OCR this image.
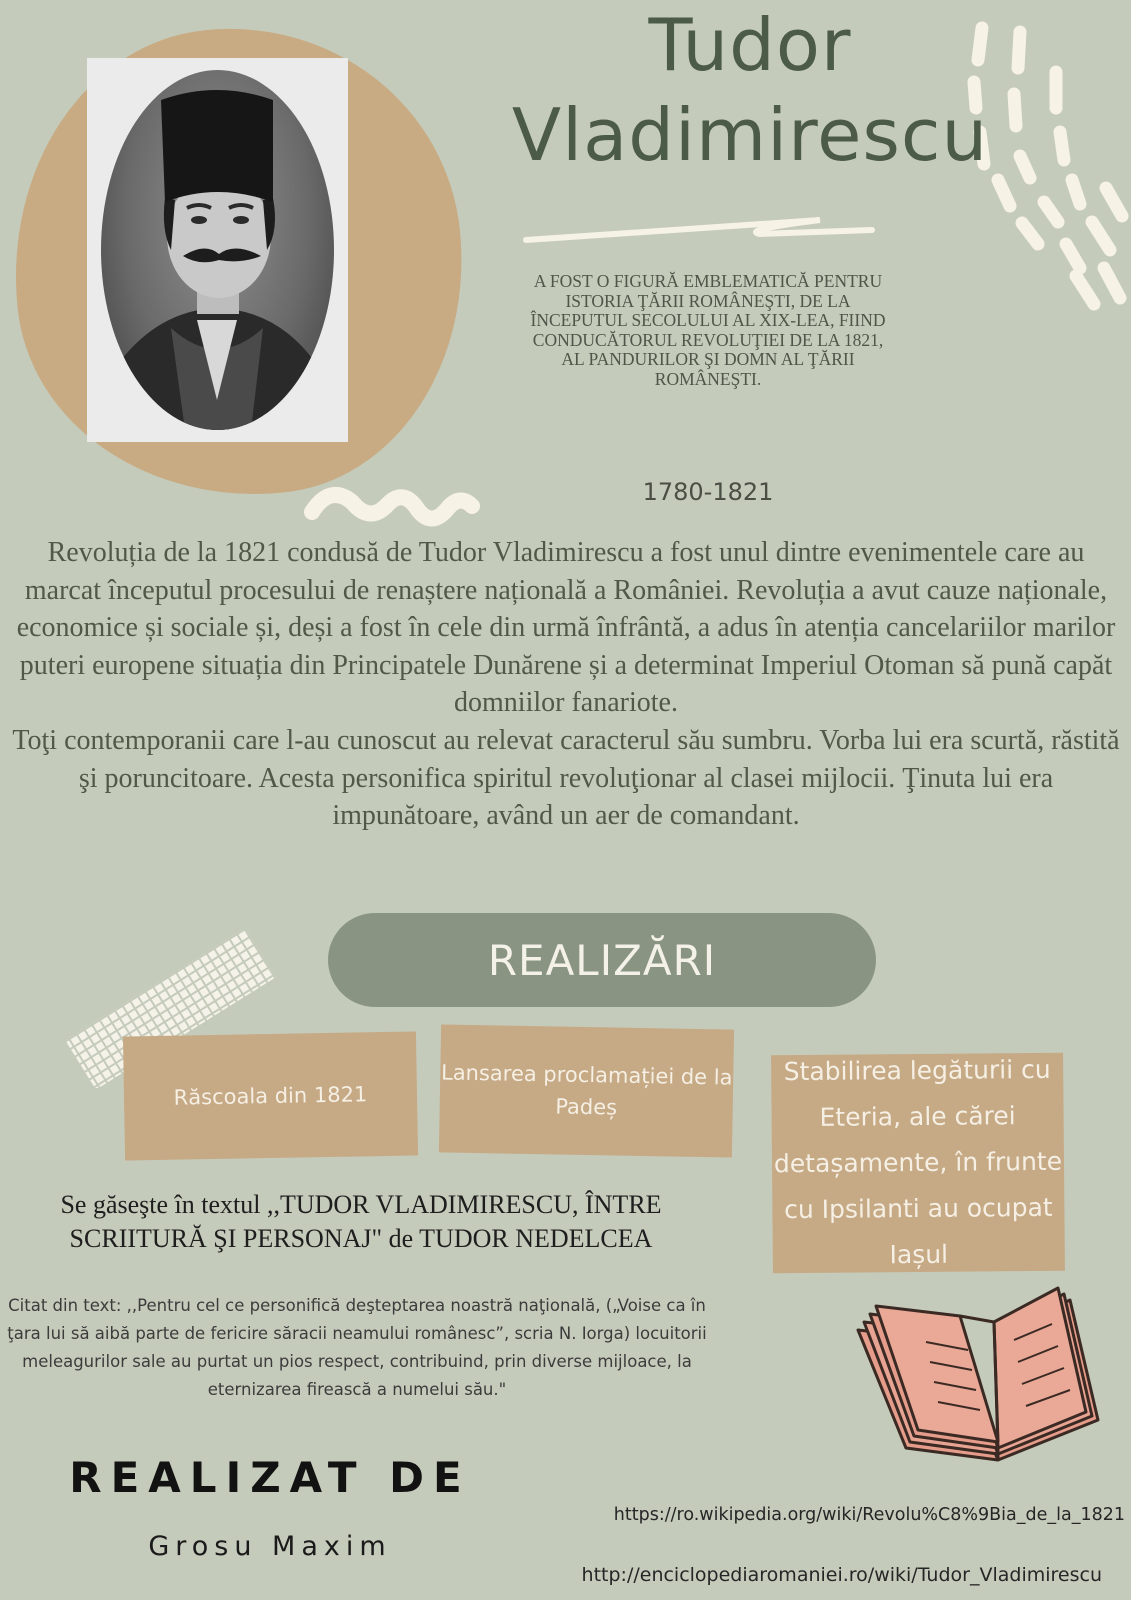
Tudor
Vladimirescu
A FOST O FIGURĂ EMBLEMATICĂ PENTRU ISTORIA ŢĂRII ROMÂNEŞTI, DE LA ÎNCEPUTUL SECOLULUI AL XIX-LEA, FIIND CONDUCĂTORUL REVOLUŢIEI DE LA 1821, AL PANDURILOR ŞI DOMN AL ŢĂRII ROMÂNEŞTI.
1780-1821

Revoluția de la 1821 condusă de Tudor Vladimirescu a fost unul dintre evenimentele care au marcat începutul procesului de renaștere națională a României. Revoluția a avut cauze naționale, economice și sociale și, deși a fost în cele din urmă înfrântă, a adus în atenția cancelariilor marilor puteri europene situația din Principatele Dunărene și a determinat Imperiul Otoman să pună capăt domniilor fanariote.

Toţi contemporanii care l-au cunoscut au relevat caracterul său sumbru. Vorba lui era scurtă, răstită şi poruncitoare. Acesta personifica spiritul revoluţionar al clasei mijlocii. Ţinuta lui era impunătoare, având un aer de comandant.

REALIZĂRI
Răscoala din 1821
Lansarea proclamației de la Padeș
Stabilirea legăturii cu Eteria, ale cărei detașamente, în frunte cu Ipsilanti au ocupat Iașul
Se găseşte în textul ,,TUDOR VLADIMIRESCU, ÎNTRE SCRIITURĂ ŞI PERSONAJ" de TUDOR NEDELCEA
Citat din text: ,,Pentru cel ce personifică deşteptarea noastră naţională, („Voise ca în ţara lui să aibă parte de fericire săracii neamului românesc”, scria N. Iorga) locuitorii meleagurilor sale au purtat un pios respect, contribuind, prin diverse mijloace, la eternizarea firească a numelui său."
REALIZAT DE
Grosu Maxim
https://ro.wikipedia.org/wiki/Revolu%C8%9Bia_de_la_1821
http://enciclopediaromaniei.ro/wiki/Tudor_Vladimirescu
